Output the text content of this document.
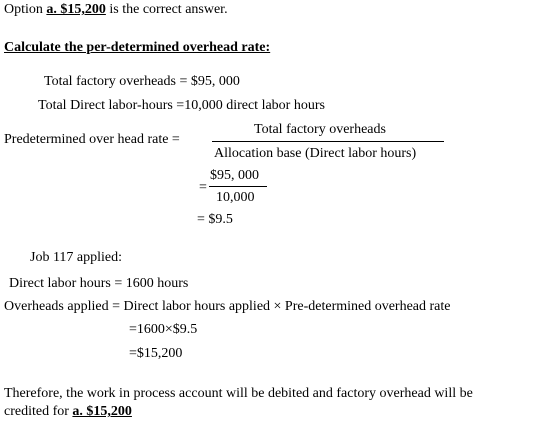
Option a. $15,200 is the correct answer.
Calculate the per-determined overhead rate:
Total factory overheads = $95, 000
Total Direct labor-hours =10,000 direct labor hours
Predetermined over head rate =
Total factory overheads
Allocation base (Direct labor hours)
=
$95, 000
10,000
= $9.5
Job 117 applied:
Direct labor hours = 1600 hours
Overheads applied = Direct labor hours applied × Pre-determined overhead rate
=1600×$9.5
=$15,200
Therefore, the work in process account will be debited and factory overhead will be
credited for a. $15,200
